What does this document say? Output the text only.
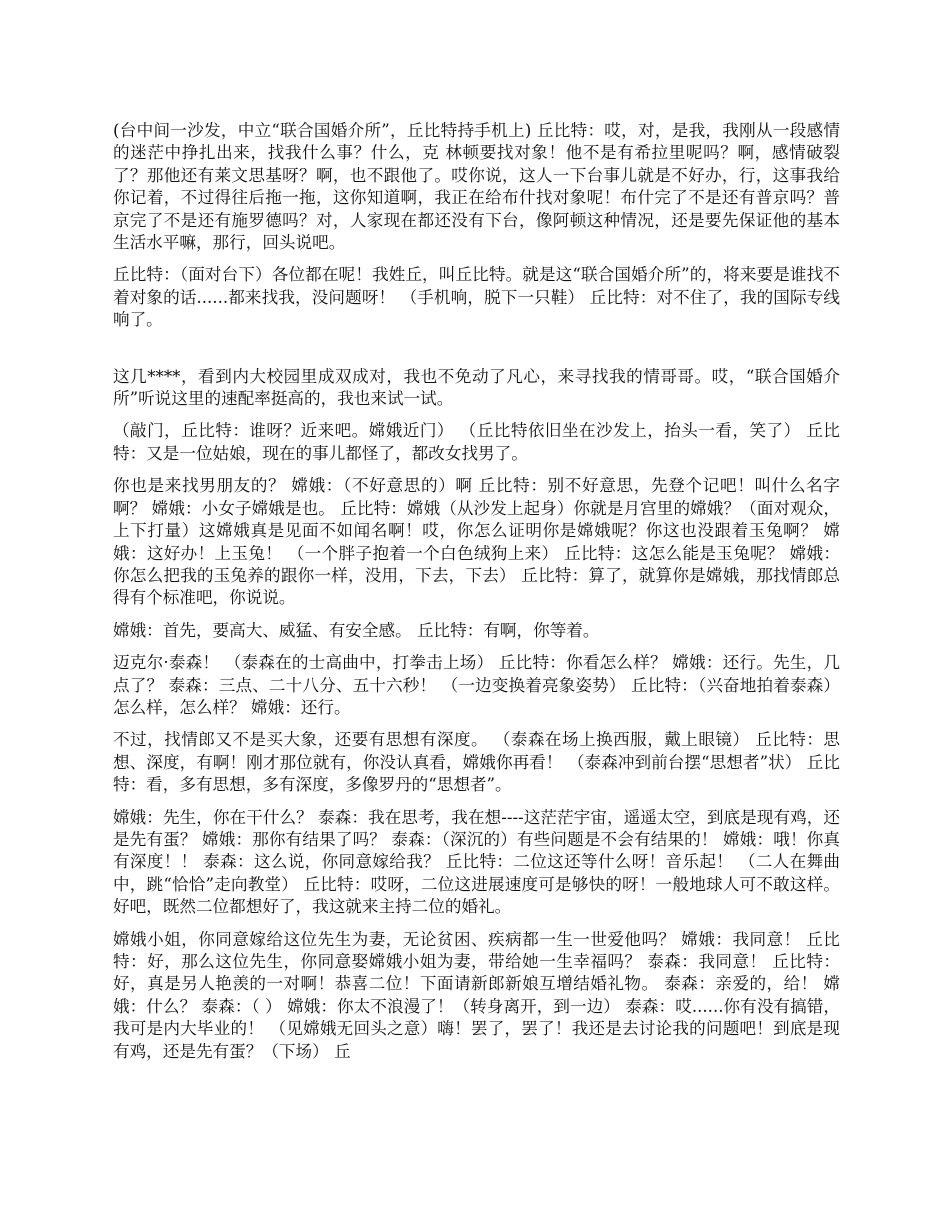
(台中间一沙发，中立“联合国婚介所”，丘比特持手机上) 丘比特：哎，对，是我，我刚从一段感情的迷茫中挣扎出来，找我什么事？什么，克 林顿要找对象！他不是有希拉里呢吗？啊，感情破裂了？那他还有莱文思基呀？啊，也不跟他了。哎你说，这人一下台事儿就是不好办，行，这事我给你记着，不过得往后拖一拖，这你知道啊，我正在给布什找对象呢！布什完了不是还有普京吗？普京完了不是还有施罗德吗？对，人家现在都还没有下台，像阿顿这种情况，还是要先保证他的基本生活水平嘛，那行，回头说吧。

丘比特：（面对台下）各位都在呢！我姓丘，叫丘比特。就是这“联合国婚介所”的，将来要是谁找不着对象的话......都来找我，没问题呀！ （手机响，脱下一只鞋） 丘比特：对不住了，我的国际专线响了。

这几****，看到内大校园里成双成对，我也不免动了凡心，来寻找我的情哥哥。哎，“联合国婚介所”听说这里的速配率挺高的，我也来试一试。

（敲门，丘比特：谁呀？近来吧。嫦娥近门） （丘比特依旧坐在沙发上，抬头一看，笑了） 丘比特：又是一位姑娘，现在的事儿都怪了，都改女找男了。

你也是来找男朋友的？ 嫦娥：（不好意思的）啊 丘比特：别不好意思，先登个记吧！叫什么名字啊？ 嫦娥：小女子嫦娥是也。 丘比特：嫦娥（从沙发上起身）你就是月宫里的嫦娥？（面对观众，上下打量）这嫦娥真是见面不如闻名啊！哎，你怎么证明你是嫦娥呢？你这也没跟着玉兔啊？ 嫦娥：这好办！上玉兔！ （一个胖子抱着一个白色绒狗上来） 丘比特：这怎么能是玉兔呢？ 嫦娥：你怎么把我的玉兔养的跟你一样，没用，下去，下去） 丘比特：算了，就算你是嫦娥，那找情郎总得有个标准吧，你说说。

嫦娥：首先，要高大、威猛、有安全感。 丘比特：有啊，你等着。

迈克尔·泰森！ （泰森在的士高曲中，打拳击上场） 丘比特：你看怎么样？ 嫦娥：还行。先生，几点了？ 泰森：三点、二十八分、五十六秒！ （一边变换着亮象姿势） 丘比特：（兴奋地拍着泰森）怎么样，怎么样？ 嫦娥：还行。

不过，找情郎又不是买大象，还要有思想有深度。 （泰森在场上换西服，戴上眼镜） 丘比特：思想、深度，有啊！刚才那位就有，你没认真看，嫦娥你再看！ （泰森冲到前台摆“思想者”状） 丘比特：看，多有思想，多有深度，多像罗丹的“思想者”。

嫦娥：先生，你在干什么？ 泰森：我在思考，我在想----这茫茫宇宙，遥遥太空，到底是现有鸡，还是先有蛋？ 嫦娥：那你有结果了吗？ 泰森：（深沉的）有些问题是不会有结果的！ 嫦娥：哦！你真有深度！！ 泰森：这么说，你同意嫁给我？ 丘比特：二位这还等什么呀！音乐起！ （二人在舞曲中，跳“恰恰”走向教堂） 丘比特：哎呀，二位这进展速度可是够快的呀！一般地球人可不敢这样。好吧，既然二位都想好了，我这就来主持二位的婚礼。

嫦娥小姐，你同意嫁给这位先生为妻，无论贫困、疾病都一生一世爱他吗？ 嫦娥：我同意！ 丘比特：好，那么这位先生，你同意娶嫦娥小姐为妻，带给她一生幸福吗？ 泰森：我同意！ 丘比特：好，真是另人艳羡的一对啊！恭喜二位！下面请新郎新娘互增结婚礼物。 泰森：亲爱的，给！ 嫦娥：什么？ 泰森：（ ） 嫦娥：你太不浪漫了！（转身离开，到一边） 泰森：哎......你有没有搞错，我可是内大毕业的！ （见嫦娥无回头之意）嗨！罢了，罢了！我还是去讨论我的问题吧！到底是现有鸡，还是先有蛋？（下场） 丘
